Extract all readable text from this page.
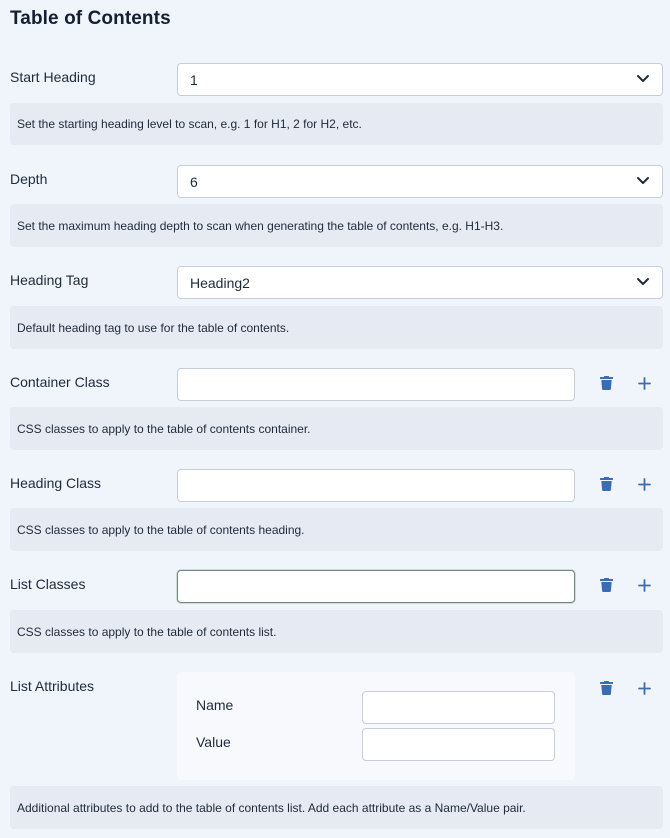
Table of Contents
Start Heading	1
Set the starting heading level to scan, e.g. 1 for H1, 2 for H2, etc.
Depth	6
Set the maximum heading depth to scan when generating the table of contents, e.g. H1-H3.
Heading Tag	Heading2
Default heading tag to use for the table of contents.
Container Class
CSS classes to apply to the table of contents container.
Heading Class
CSS classes to apply to the table of contents heading.
List Classes
CSS classes to apply to the table of contents list.
List Attributes
Name
Value
Additional attributes to add to the table of contents list. Add each attribute as a Name/Value pair.
